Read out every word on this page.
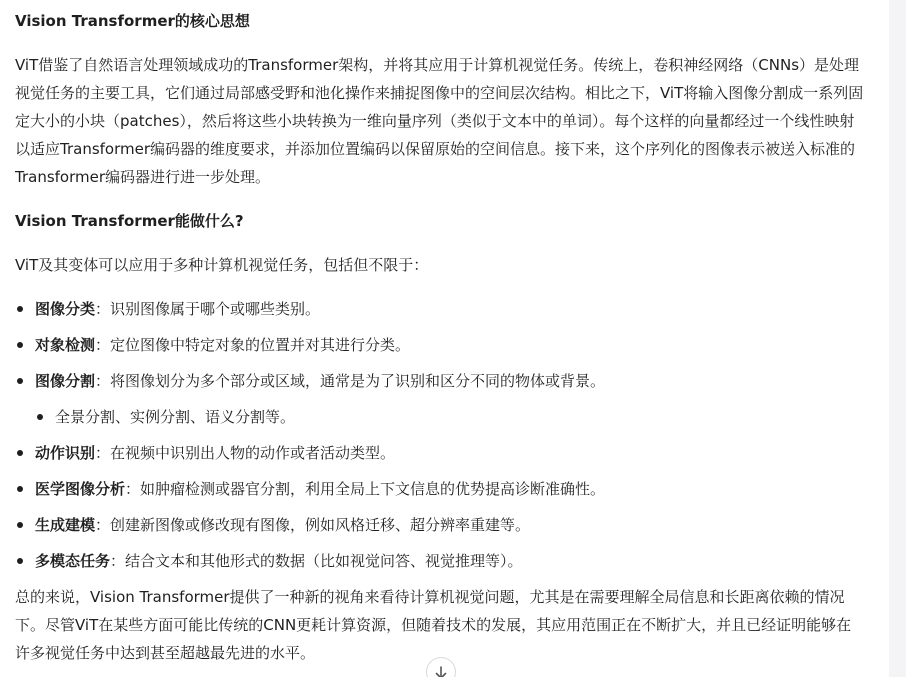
Vision Transformer的核心思想

ViT借鉴了自然语言处理领域成功的Transformer架构，并将其应用于计算机视觉任务。传统上，卷积神经网络（CNNs）是处理视觉任务的主要工具，它们通过局部感受野和池化操作来捕捉图像中的空间层次结构。相比之下，ViT将输入图像分割成一系列固定大小的小块（patches），然后将这些小块转换为一维向量序列（类似于文本中的单词）。每个这样的向量都经过一个线性映射以适应Transformer编码器的维度要求，并添加位置编码以保留原始的空间信息。接下来，这个序列化的图像表示被送入标准的Transformer编码器进行进一步处理。

Vision Transformer能做什么?

ViT及其变体可以应用于多种计算机视觉任务，包括但不限于：

图像分类：识别图像属于哪个或哪些类别。
对象检测：定位图像中特定对象的位置并对其进行分类。
图像分割：将图像划分为多个部分或区域，通常是为了识别和区分不同的物体或背景。
全景分割、实例分割、语义分割等。
动作识别：在视频中识别出人物的动作或者活动类型。
医学图像分析：如肿瘤检测或器官分割，利用全局上下文信息的优势提高诊断准确性。
生成建模：创建新图像或修改现有图像，例如风格迁移、超分辨率重建等。
多模态任务：结合文本和其他形式的数据（比如视觉问答、视觉推理等）。

总的来说，Vision Transformer提供了一种新的视角来看待计算机视觉问题，尤其是在需要理解全局信息和长距离依赖的情况下。尽管ViT在某些方面可能比传统的CNN更耗计算资源，但随着技术的发展，其应用范围正在不断扩大，并且已经证明能够在许多视觉任务中达到甚至超越最先进的水平。
